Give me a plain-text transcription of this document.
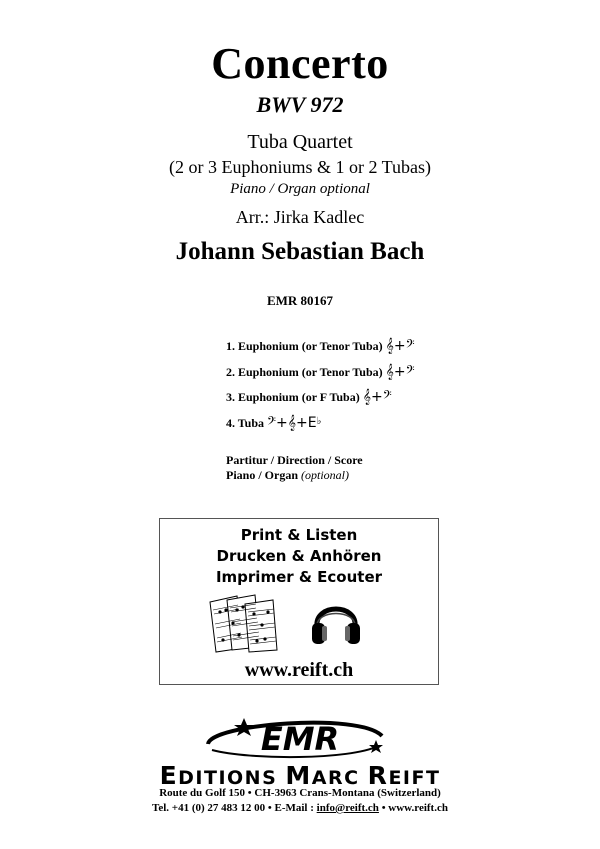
Concerto
BWV 972
Tuba Quartet
(2 or 3 Euphoniums & 1 or 2 Tubas)
Piano / Organ optional
Arr.: Jirka Kadlec
Johann Sebastian Bach
EMR 80167
1. Euphonium (or Tenor Tuba) 𝄞+𝄢
2. Euphonium (or Tenor Tuba) 𝄞+𝄢
3. Euphonium (or F Tuba) 𝄞+𝄢
4. Tuba 𝄢+𝄞+E♭
Partitur / Direction / Score
Piano / Organ (optional)
Print & Listen
Drucken & Anhören
Imprimer & Ecouter
www.reift.ch
EMR
EDITIONS MARC REIFT
Route du Golf 150 • CH-3963 Crans-Montana (Switzerland)
Tel. +41 (0) 27 483 12 00 • E-Mail : info@reift.ch • www.reift.ch
